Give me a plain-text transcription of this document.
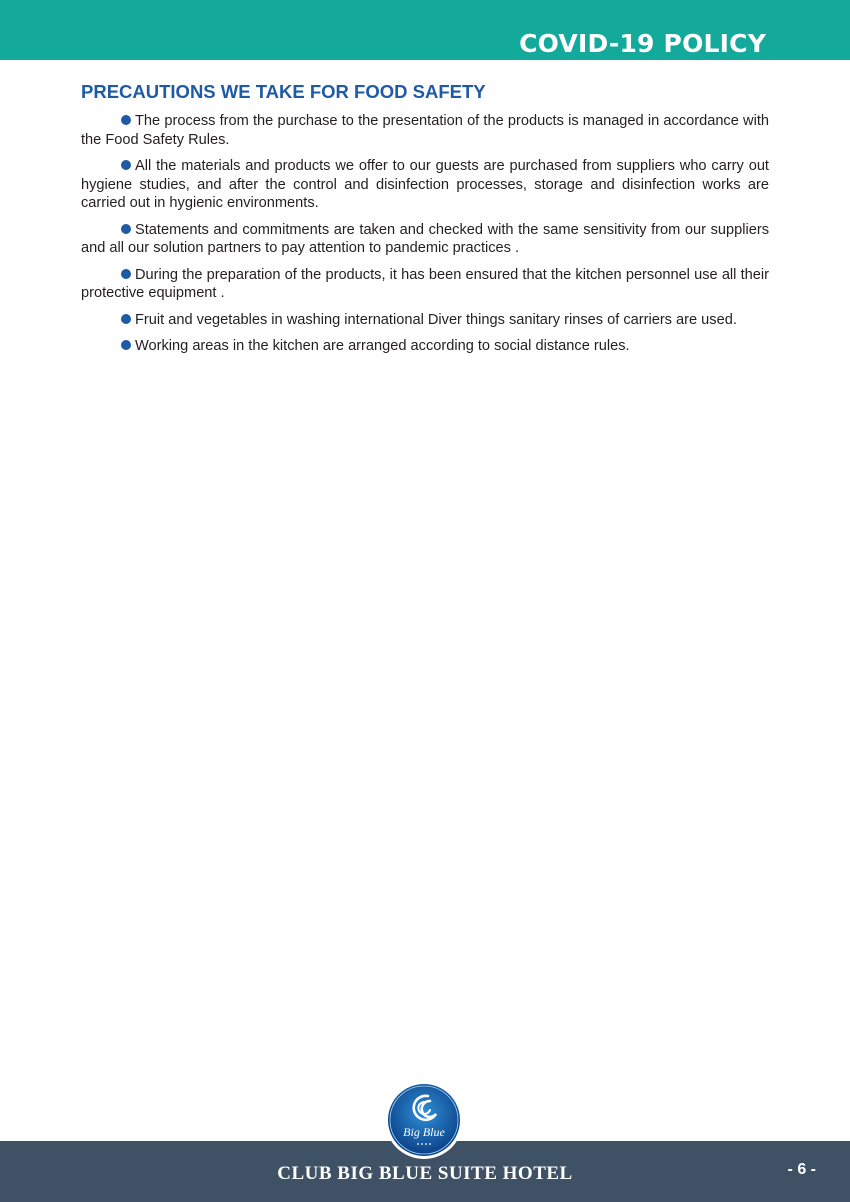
COVID-19 POLICY
PRECAUTIONS WE TAKE FOR FOOD SAFETY

The process from the purchase to the presentation of the products is managed in accordance with the Food Safety Rules.

All the materials and products we offer to our guests are purchased from suppliers who carry out hygiene studies, and after the control and disinfection processes, storage and disinfection works are carried out in hygienic environments.

Statements and commitments are taken and checked with the same sensitivity from our suppliers and all our solution partners to pay attention to pandemic practices .

During the preparation of the products, it has been ensured that the kitchen personnel use all their protective equipment .

Fruit and vegetables in washing international Diver things sanitary rinses of carriers are used.

Working areas in the kitchen are arranged according to social distance rules.

Big Blue
CLUB BIG BLUE SUITE HOTEL	- 6 -
